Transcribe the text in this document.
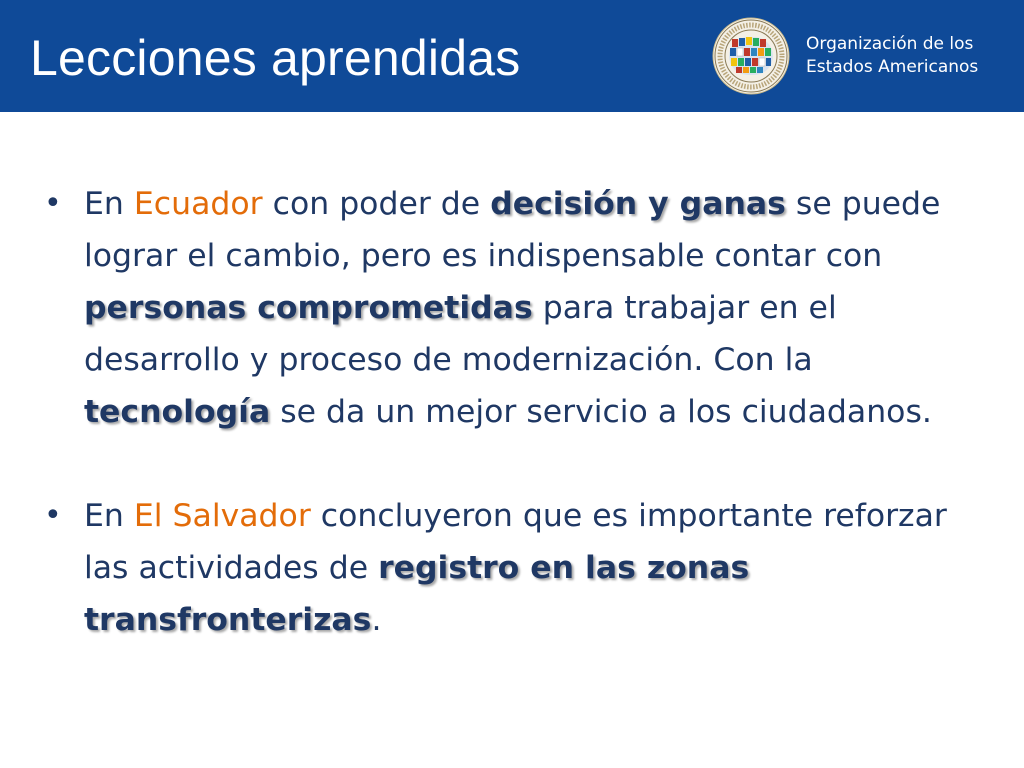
Lecciones aprendidas	Organización de los
Estados Americanos
• En Ecuador con poder de decisión y ganas se puede lograr el cambio, pero es indispensable contar con personas comprometidas para trabajar en el desarrollo y proceso de modernización. Con la tecnología se da un mejor servicio a los ciudadanos.
• En El Salvador concluyeron que es importante reforzar las actividades de registro en las zonas transfronterizas.
